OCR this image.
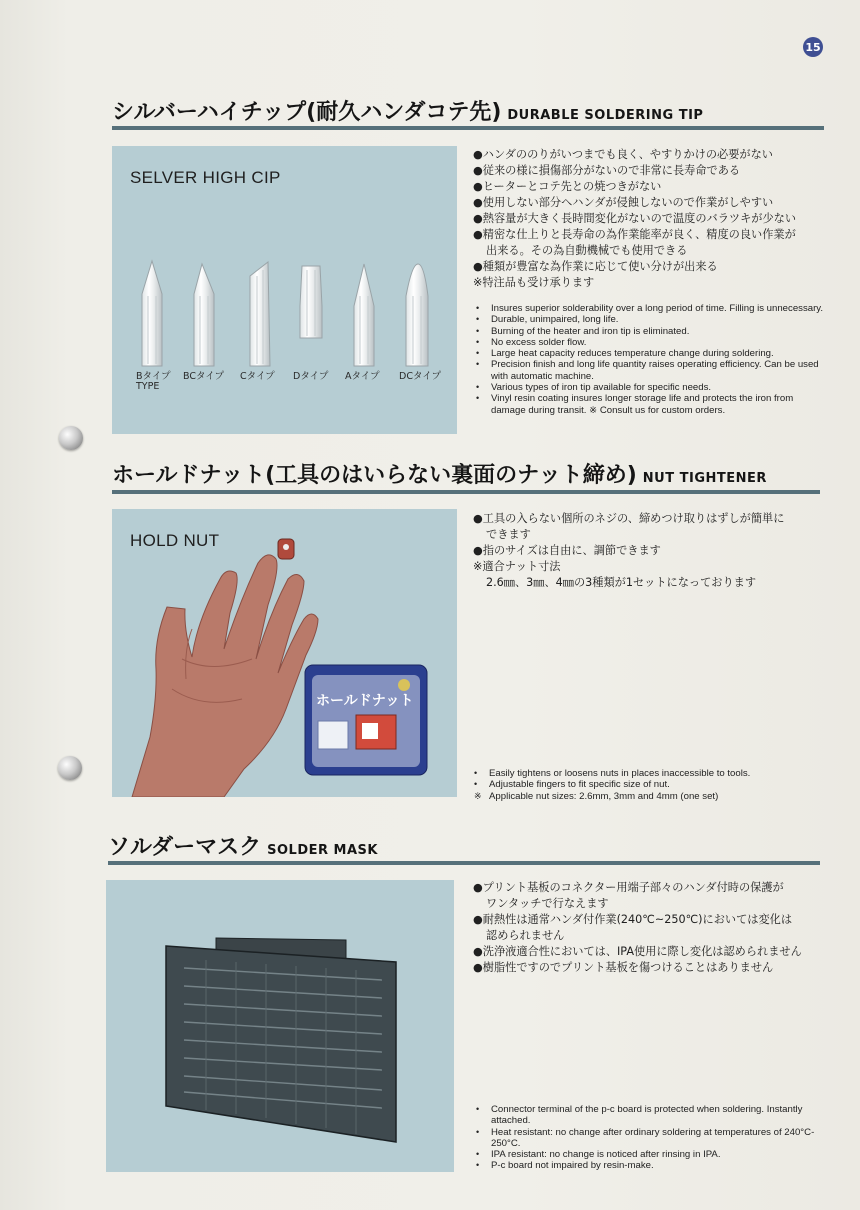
15
シルバーハイチップ(耐久ハンダコテ先) DURABLE SOLDERING TIP
SELVER HIGH CIP
Bタイプ
TYPE
BCタイプ Cタイプ Dタイプ Aタイプ DCタイプ
●ハンダののりがいつまでも良く、やすりかけの必要がない
●従来の様に損傷部分がないので非常に長寿命である
●ヒーターとコテ先との焼つきがない
●使用しない部分へハンダが侵蝕しないので作業がしやすい
●熱容量が大きく長時間変化がないので温度のバラツキが少ない
●精密な仕上りと長寿命の為作業能率が良く、精度の良い作業が
出来る。その為自動機械でも使用できる
●種類が豊富な為作業に応じて使い分けが出来る
※特注品も受け承ります
•	Insures superior solderability over a long period of time. Filling is unnecessary.
•	Durable, unimpaired, long life.
•	Burning of the heater and iron tip is eliminated.
•	No excess solder flow.
•	Large heat capacity reduces temperature change during soldering.
•	Precision finish and long life quantity raises operating efficiency. Can be used with automatic machine.
•	Various types of iron tip available for specific needs.
•	Vinyl resin coating insures longer storage life and protects the iron from damage during transit. ※ Consult us for custom orders.
ホールドナット(工具のはいらない裏面のナット締め) NUT TIGHTENER
HOLD NUT
ホールドナット
●工具の入らない個所のネジの、締めつけ取りはずしが簡単に
できます
●指のサイズは自由に、調節できます
※適合ナット寸法
2.6㎜、3㎜、4㎜の3種類が1セットになっております
•	Easily tightens or loosens nuts in places inaccessible to tools.
•	Adjustable fingers to fit specific size of nut.
※ Applicable nut sizes: 2.6mm, 3mm and 4mm (one set)
ソルダーマスク SOLDER MASK
●プリント基板のコネクター用端子部々のハンダ付時の保護が
ワンタッチで行なえます
●耐熱性は通常ハンダ付作業(240℃~250℃)においては変化は
認められません
●洗浄液適合性においては、IPA使用に際し変化は認められません
●樹脂性ですのでプリント基板を傷つけることはありません
•	Connector terminal of the p-c board is protected when soldering. Instantly attached.
•	Heat resistant: no change after ordinary soldering at temperatures of 240°C-250°C.
•	IPA resistant: no change is noticed after rinsing in IPA.
•	P-c board not impaired by resin-make.
